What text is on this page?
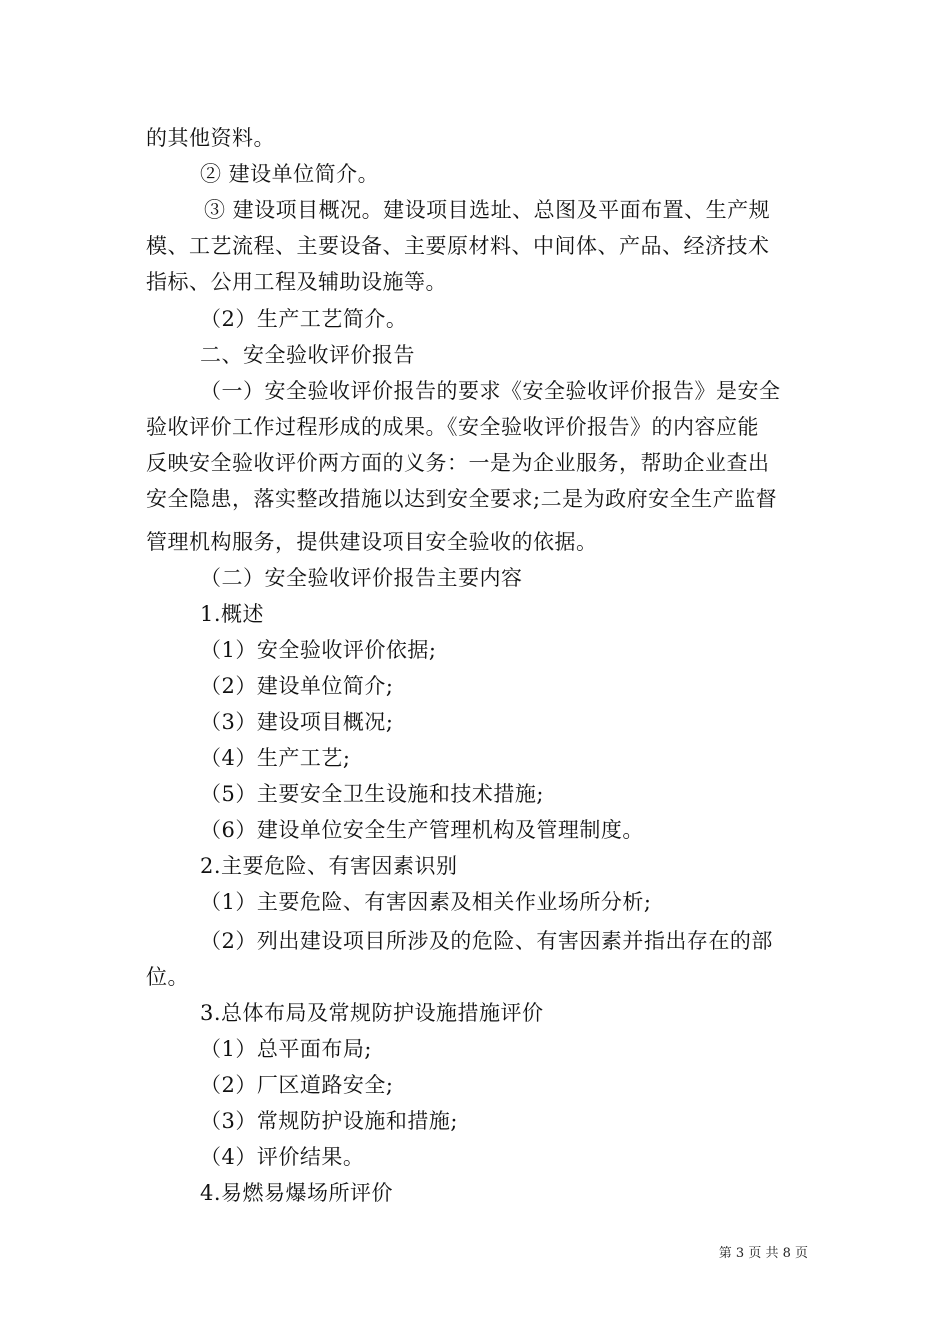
的其他资料。
② 建设单位简介。
③ 建设项目概况。建设项目选址、总图及平面布置、生产规
模、工艺流程、主要设备、主要原材料、中间体、产品、经济技术
指标、公用工程及辅助设施等。
（2）生产工艺简介。
二、安全验收评价报告
（一）安全验收评价报告的要求《安全验收评价报告》是安全
验收评价工作过程形成的成果。《安全验收评价报告》的内容应能
反映安全验收评价两方面的义务：一是为企业服务，帮助企业查出
安全隐患，落实整改措施以达到安全要求;二是为政府安全生产监督
管理机构服务，提供建设项目安全验收的依据。
（二）安全验收评价报告主要内容
1.概述
（1）安全验收评价依据;
（2）建设单位简介;
（3）建设项目概况;
（4）生产工艺;
（5）主要安全卫生设施和技术措施;
（6）建设单位安全生产管理机构及管理制度。
2.主要危险、有害因素识别
（1）主要危险、有害因素及相关作业场所分析;
（2）列出建设项目所涉及的危险、有害因素并指出存在的部
位。
3.总体布局及常规防护设施措施评价
（1）总平面布局;
（2）厂区道路安全;
（3）常规防护设施和措施;
（4）评价结果。
4.易燃易爆场所评价
第 3 页 共 8 页
